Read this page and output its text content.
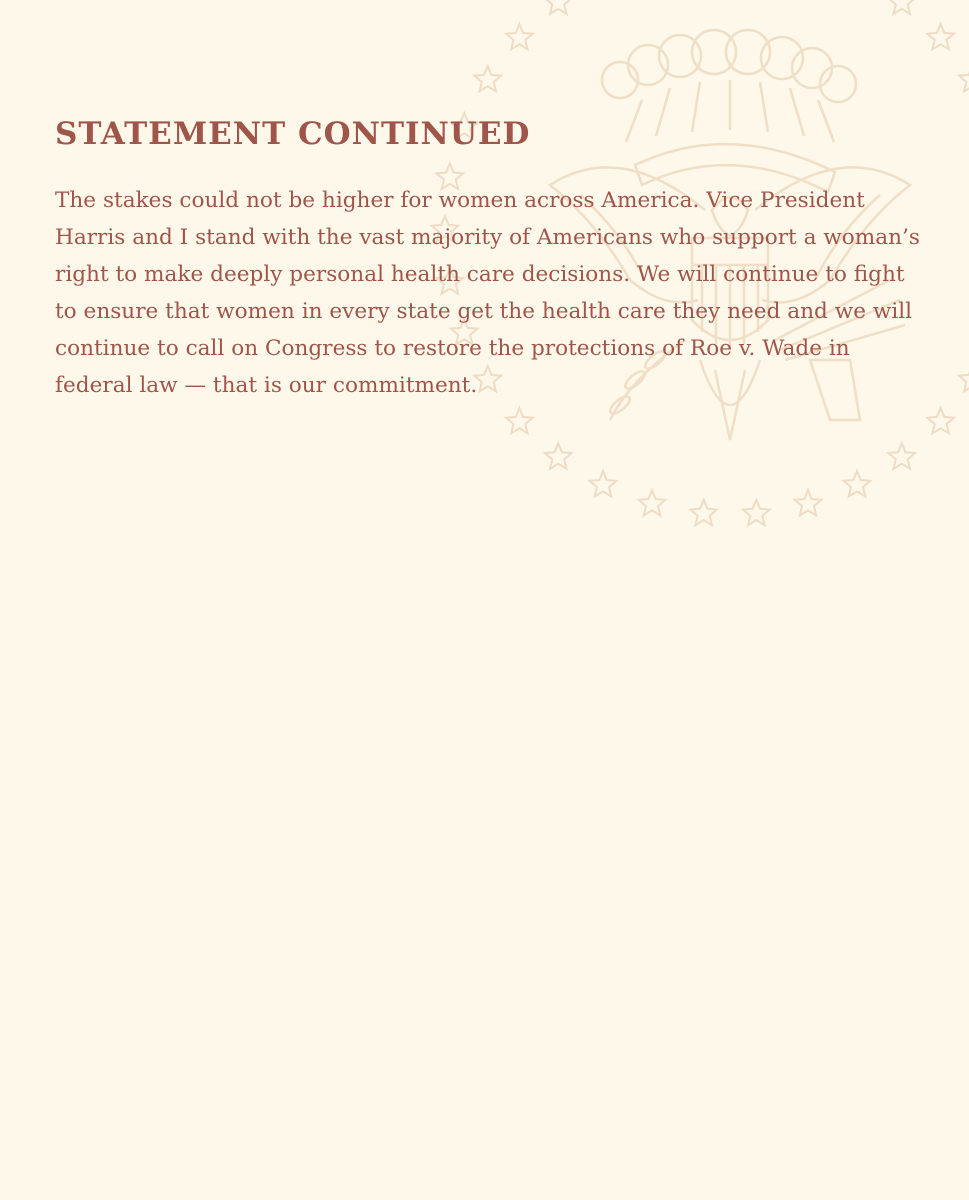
STATEMENT CONTINUED

The stakes could not be higher for women across America. Vice President Harris and I stand with the vast majority of Americans who support a woman’s right to make deeply personal health care decisions. We will continue to fight to ensure that women in every state get the health care they need and we will continue to call on Congress to restore the protections of Roe v. Wade in federal law — that is our commitment.
